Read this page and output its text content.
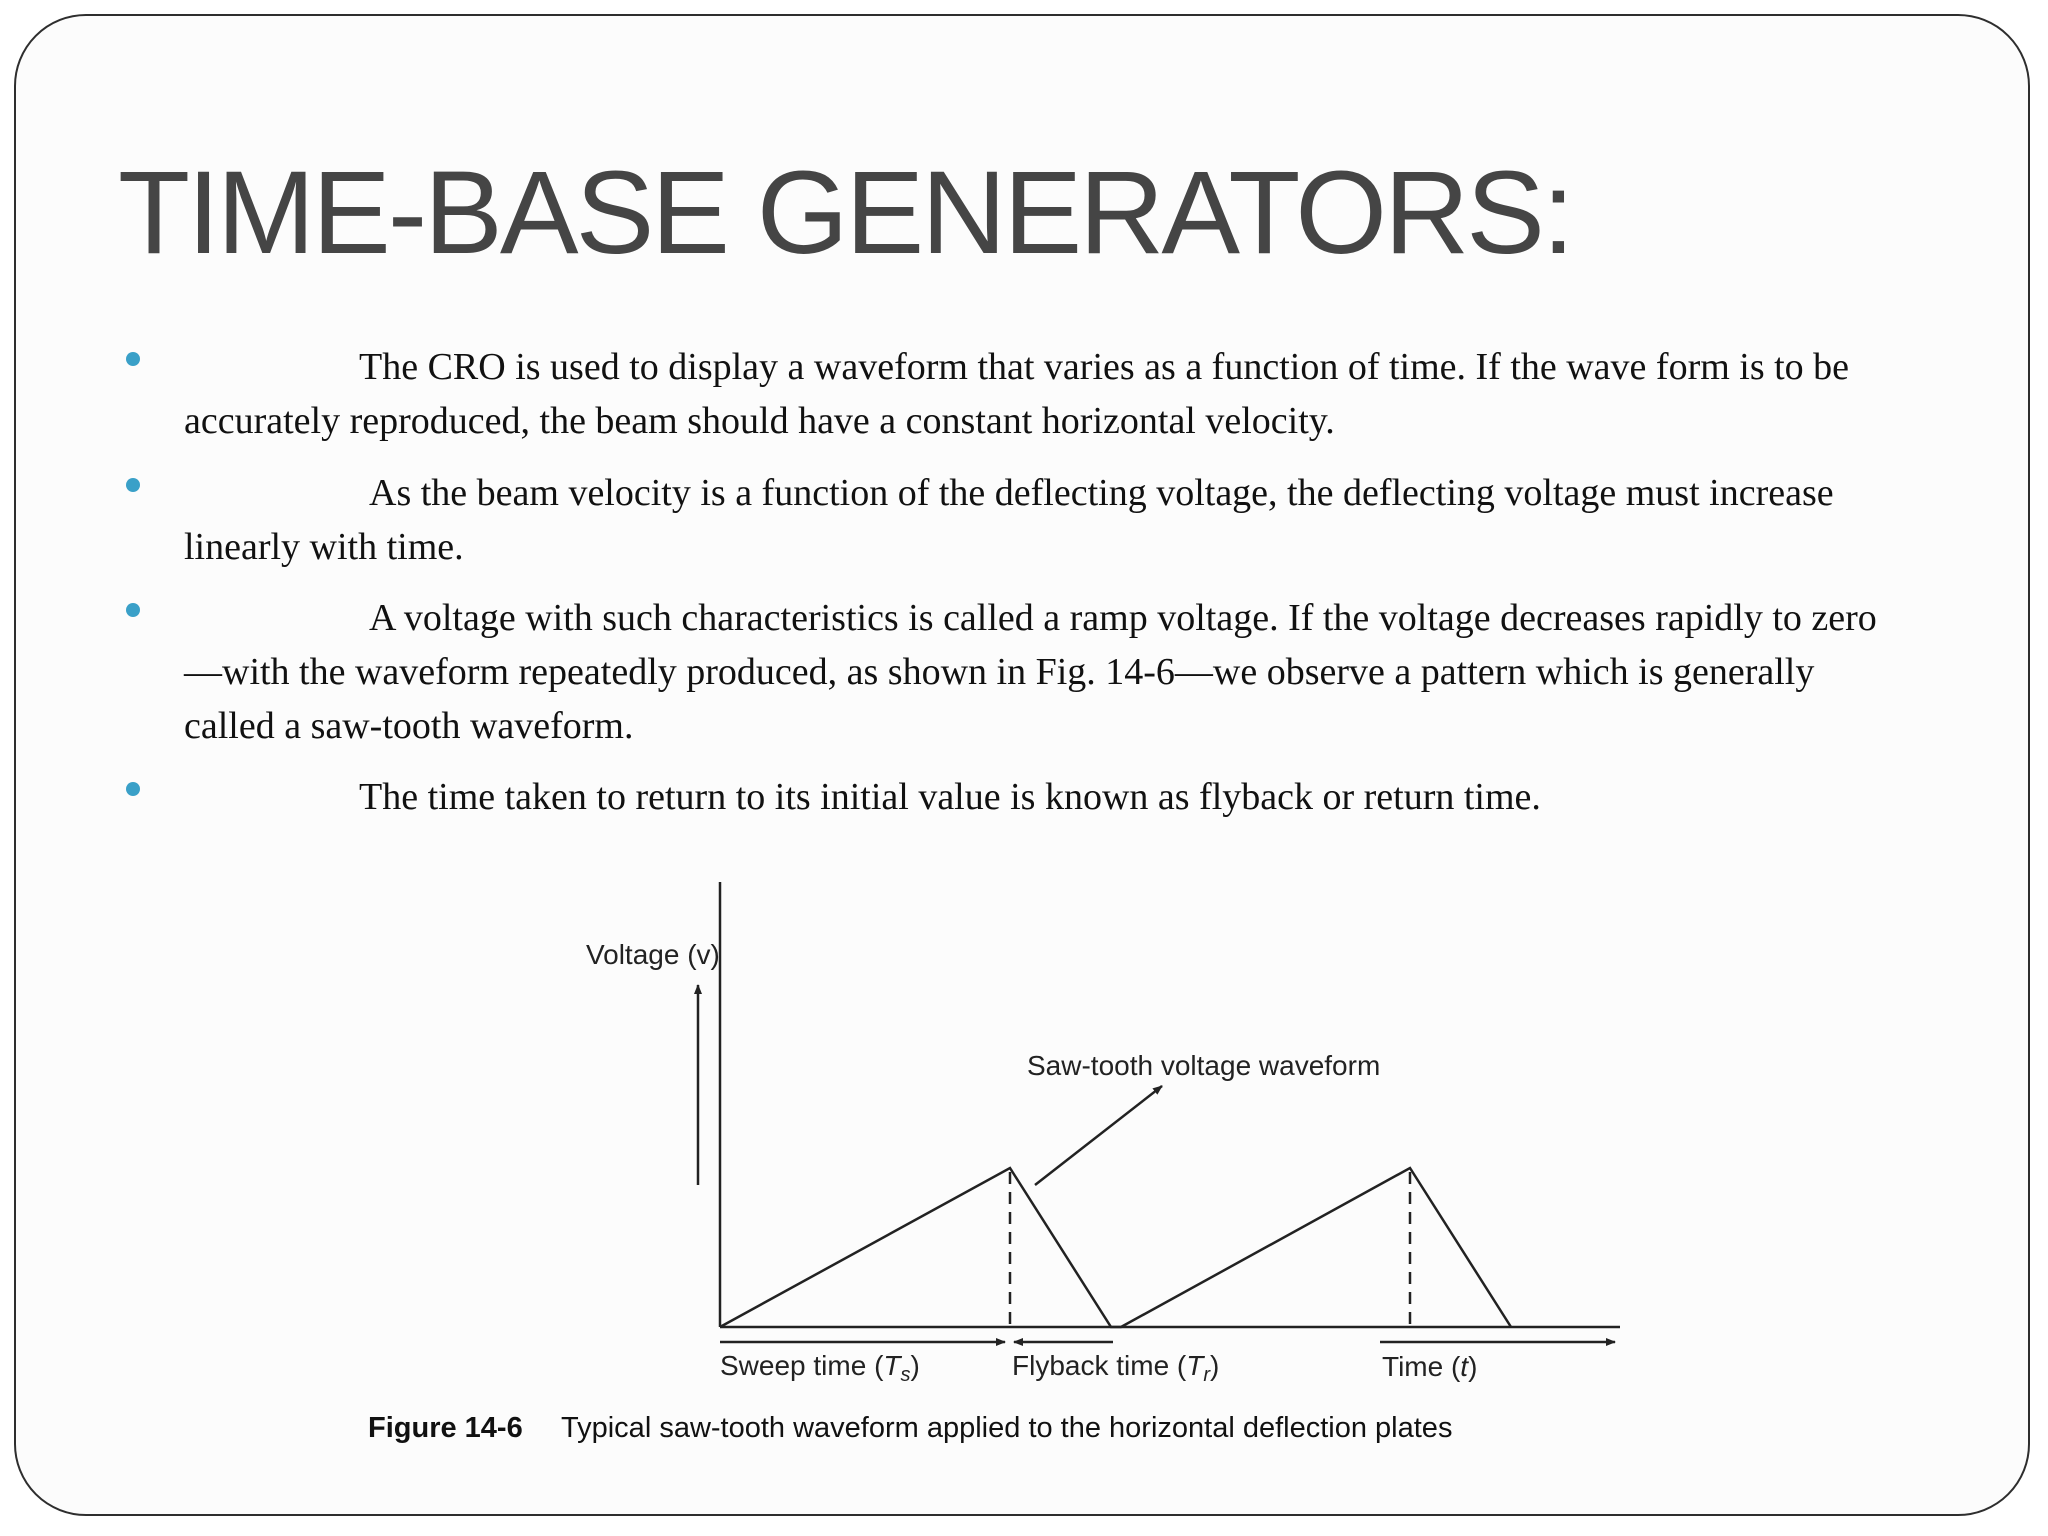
TIME-BASE GENERATORS:
The CRO is used to display a waveform that varies as a function of time. If the wave form is to be accurately reproduced, the beam should have a constant horizontal velocity.
As the beam velocity is a function of the deflecting voltage, the deflecting voltage must increase linearly with time.
A voltage with such characteristics is called a ramp voltage. If the voltage decreases rapidly to zero—with the waveform repeatedly produced, as shown in Fig. 14-6—we observe a pattern which is generally called a saw-tooth waveform.
The time taken to return to its initial value is known as flyback or return time.
Voltage (v)
Saw-tooth voltage waveform
Sweep time $(T_s)$	Flyback time $(T_r)$	Time (t)
Figure 14-6 Typical saw-tooth waveform applied to the horizontal deflection plates
